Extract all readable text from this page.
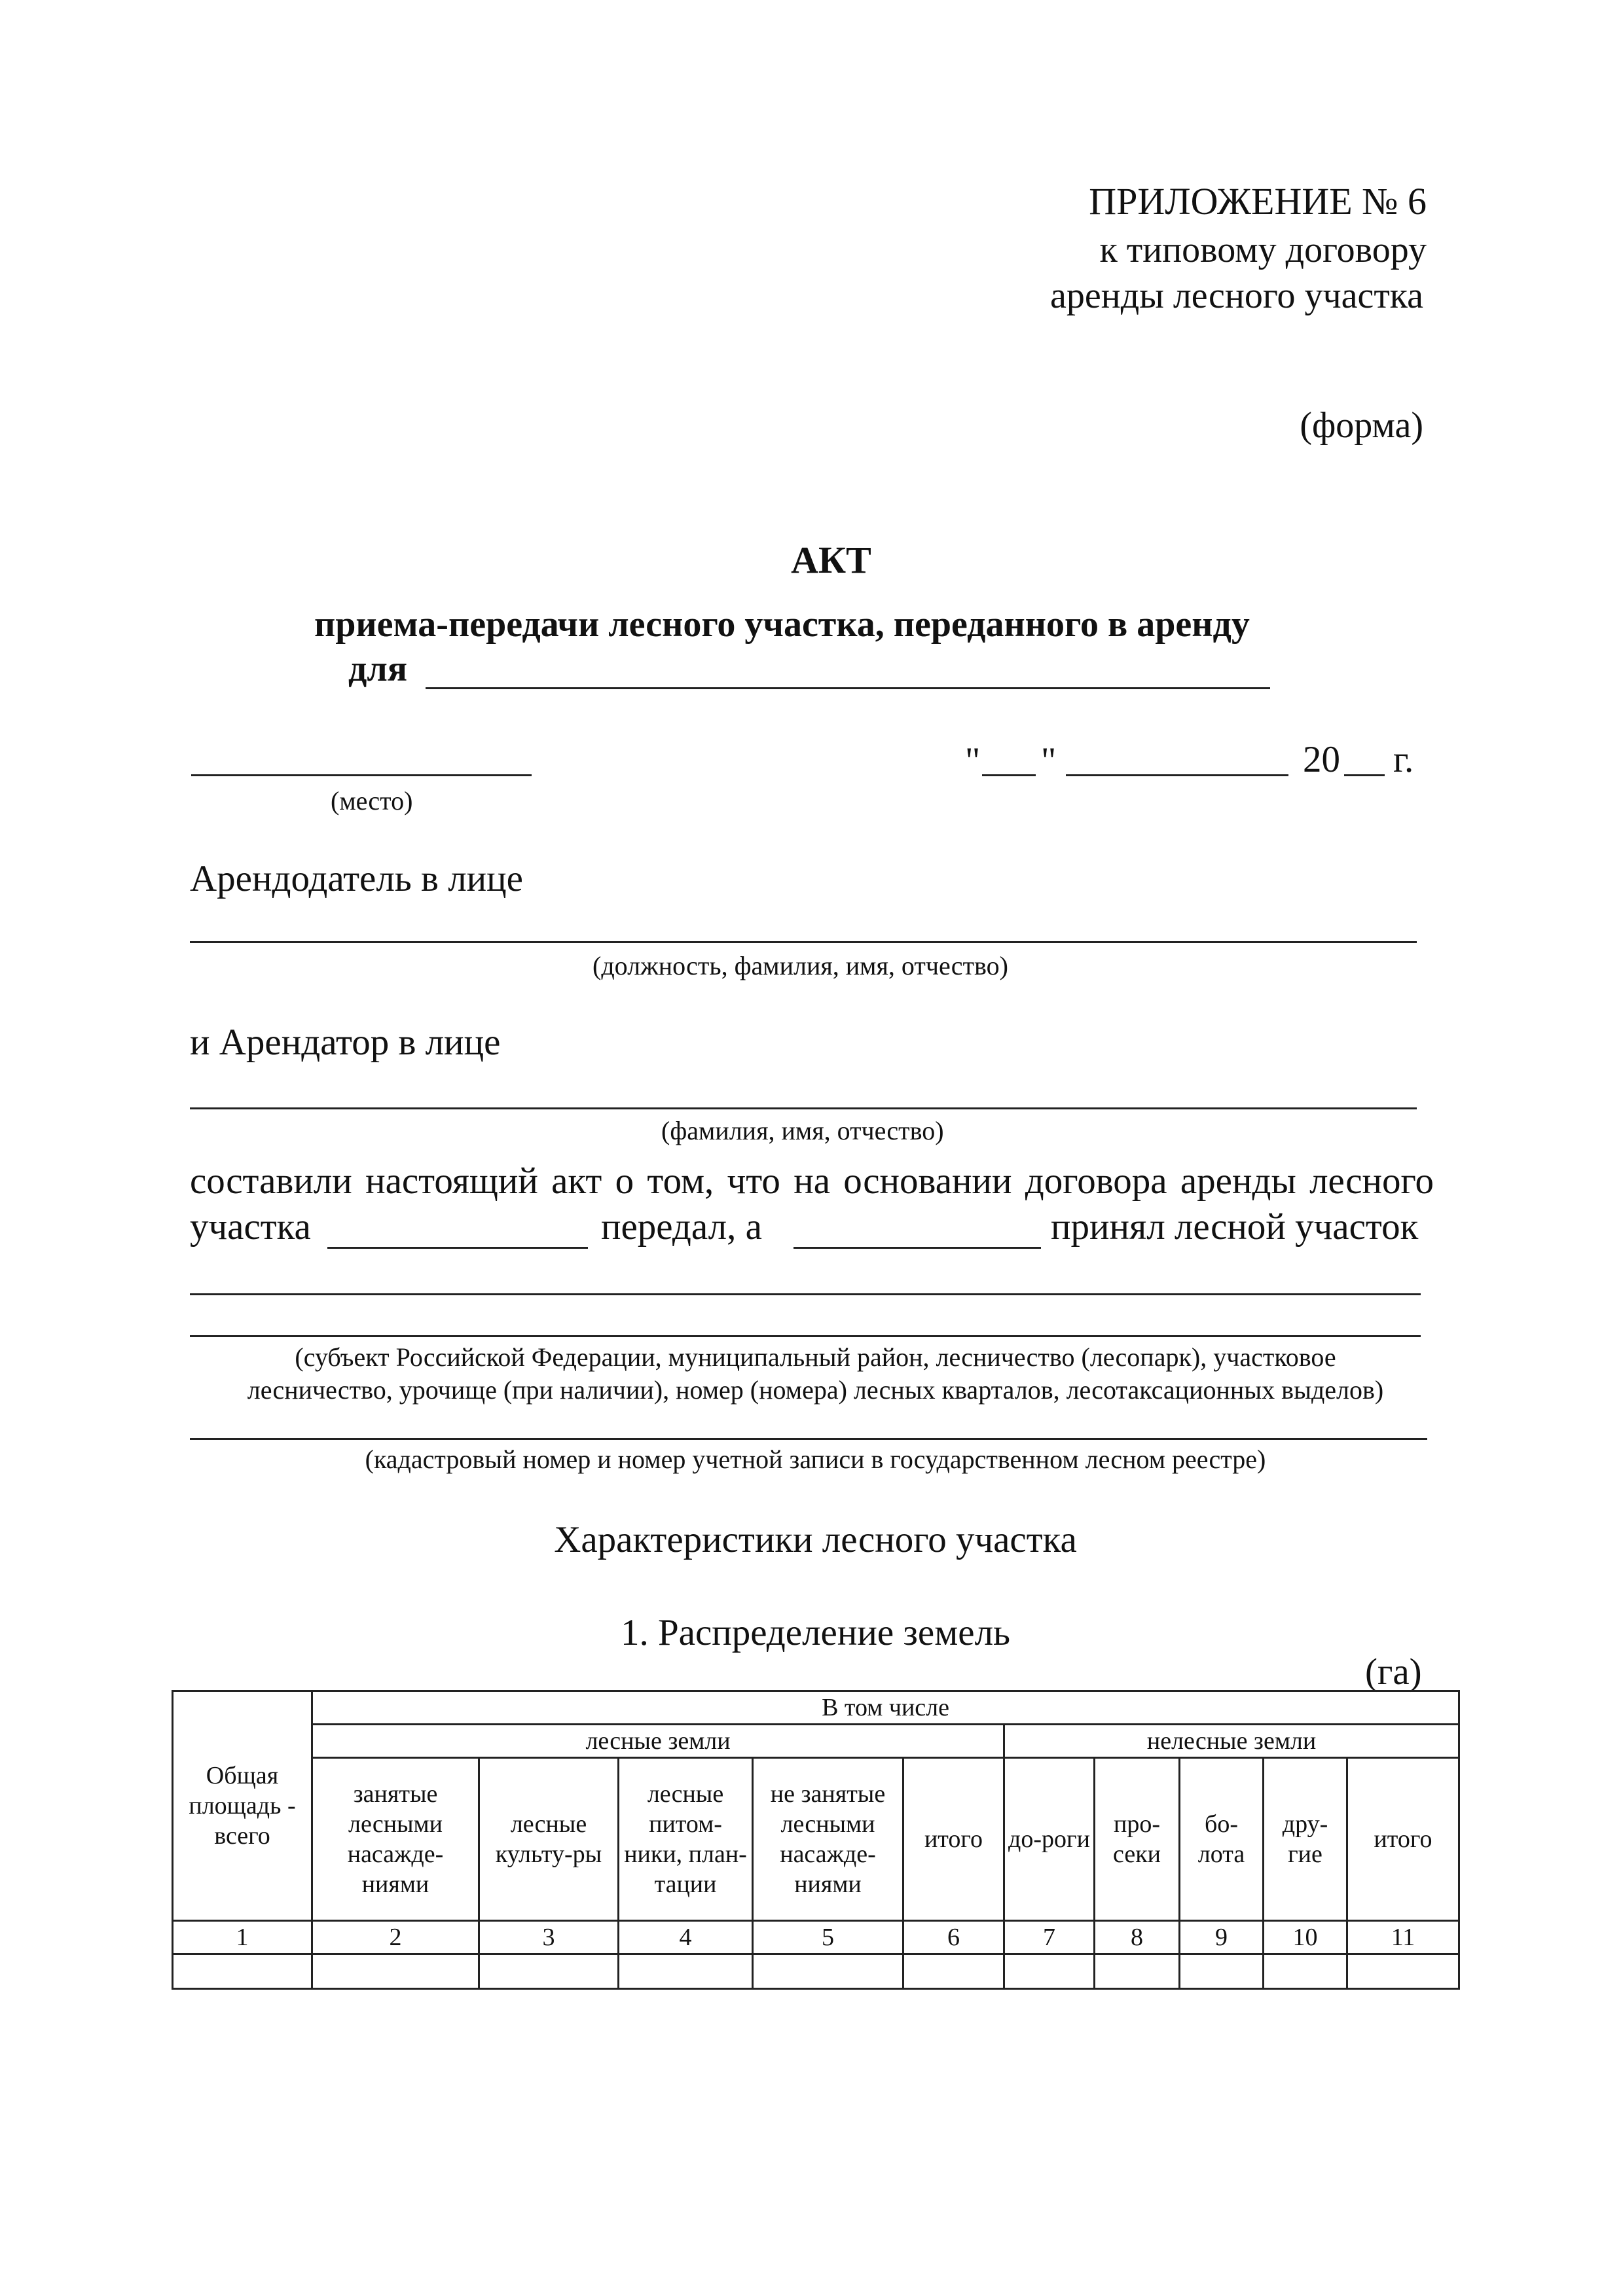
ПРИЛОЖЕНИЕ № 6
к типовому договору
аренды лесного участка
(форма)
АКТ
приема-передачи лесного участка, переданного в аренду
для
(место)
" "	20 г.
Арендодатель в лице
(должность, фамилия, имя, отчество)
и Арендатор в лице
(фамилия, имя, отчество)
составили настоящий акт о том, что на основании договора аренды лесного
участка	передал, а	принял лесной участок
(субъект Российской Федерации, муниципальный район, лесничество (лесопарк), участковое
лесничество, урочище (при наличии), номер (номера) лесных кварталов, лесотаксационных выделов)
(кадастровый номер и номер учетной записи в государственном лесном реестре)
Характеристики лесного участка
1. Распределение земель
(га)
Общая площадь - всего	В том числе									
	лесные земли					нелесные земли				
	занятые лесными насажде-ниями	лесные культу-ры	лесные питом-ники, план-тации	не занятые лесными насажде-ниями	итого	до-роги	про-секи	бо-лота	дру-гие	итого
1	2	3	4	5	6	7	8	9	10	11
